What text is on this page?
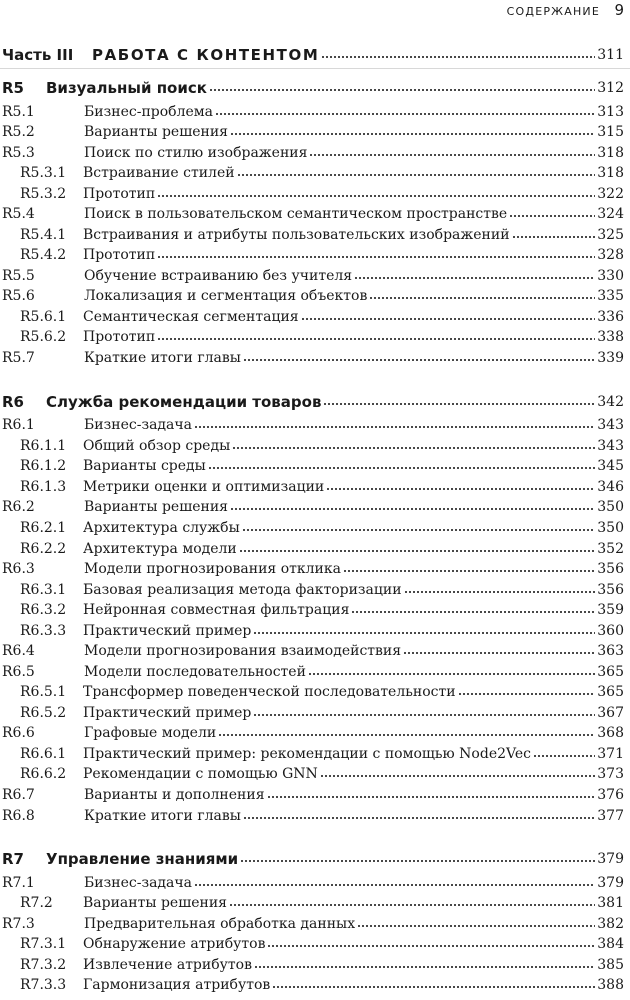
СОДЕРЖАНИЕ 9
Часть III	РАБОТА С КОНТЕНТОМ	311
R5	Визуальный поиск	312
R5.1	Бизнес-проблема	313
R5.2	Варианты решения	315
R5.3	Поиск по стилю изображения	318
R5.3.1	Встраивание стилей	318
R5.3.2	Прототип	322
R5.4	Поиск в пользовательском семантическом пространстве	324
R5.4.1	Встраивания и атрибуты пользовательских изображений	325
R5.4.2	Прототип	328
R5.5	Обучение встраиванию без учителя	330
R5.6	Локализация и сегментация объектов	335
R5.6.1	Семантическая сегментация	336
R5.6.2	Прототип	338
R5.7	Краткие итоги главы	339
R6	Служба рекомендации товаров	342
R6.1	Бизнес-задача	343
R6.1.1	Общий обзор среды	343
R6.1.2	Варианты среды	345
R6.1.3	Метрики оценки и оптимизации	346
R6.2	Варианты решения	350
R6.2.1	Архитектура службы	350
R6.2.2	Архитектура модели	352
R6.3	Модели прогнозирования отклика	356
R6.3.1	Базовая реализация метода факторизации	356
R6.3.2	Нейронная совместная фильтрация	359
R6.3.3	Практический пример	360
R6.4	Модели прогнозирования взаимодействия	363
R6.5	Модели последовательностей	365
R6.5.1	Трансформер поведенческой последовательности	365
R6.5.2	Практический пример	367
R6.6	Графовые модели	368
R6.6.1	Практический пример: рекомендации с помощью Node2Vec	371
R6.6.2	Рекомендации с помощью GNN	373
R6.7	Варианты и дополнения	376
R6.8	Краткие итоги главы	377
R7	Управление знаниями	379
R7.1	Бизнес-задача	379
R7.2	Варианты решения	381
R7.3	Предварительная обработка данных	382
R7.3.1	Обнаружение атрибутов	384
R7.3.2	Извлечение атрибутов	385
R7.3.3	Гармонизация атрибутов	388
